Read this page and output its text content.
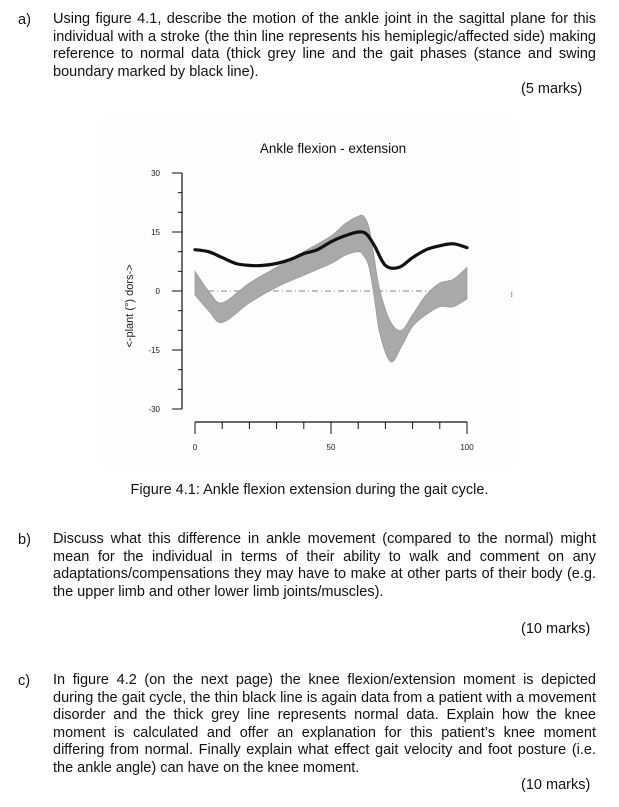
a) Using figure 4.1, describe the motion of the ankle joint in the sagittal plane for this individual with a stroke (the thin line represents his hemiplegic/affected side) making reference to normal data (thick grey line and the gait phases (stance and swing boundary marked by black line).

(5 marks)
Ankle flexion - extension
<-plant (°) dors->
30
15
0
-15
-30
0	50	100
⁝
Figure 4.1: Ankle flexion extension during the gait cycle.
b) Discuss what this difference in ankle movement (compared to the normal) might mean for the individual in terms of their ability to walk and comment on any adaptations/compensations they may have to make at other parts of their body (e.g. the upper limb and other lower limb joints/muscles).

(10 marks)
c) In figure 4.2 (on the next page) the knee flexion/extension moment is depicted during the gait cycle, the thin black line is again data from a patient with a movement disorder and the thick grey line represents normal data. Explain how the knee moment is calculated and offer an explanation for this patient’s knee moment differing from normal. Finally explain what effect gait velocity and foot posture (i.e. the ankle angle) can have on the knee moment.

(10 marks)
